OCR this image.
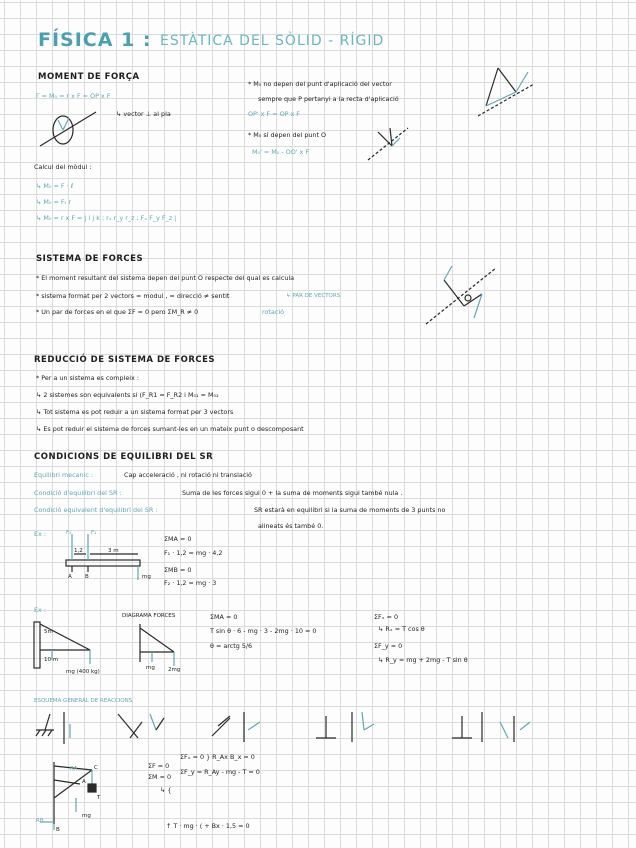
FÍSICA 1 : ESTÀTICA DEL SÒLID - RÍGID
MOMENT DE FORÇA
Γ = M₀ = r x F = OP x F
↳ vector ⊥ al pla
* M₀ no depen del punt d'aplicació del vector
sempre que P pertanyi a la recta d'aplicació
OP' x F = OP x F
* M₀ sí depen del punt O
M₀' = M₀ - OO' x F
Calcul del mòdul :
↳ M₀ = F · ℓ
↳ M₀ = Fₜ r
↳ M₀ = r x F = | i j k ; rₓ r_y r_z ; Fₓ F_y F_z |
SISTEMA DE FORCES
* El moment resultant del sistema depen del punt O respecte del qual es calcula
* sistema format per 2 vectors = modul , = direcció ≠ sentit	↳ PAR DE VECTORS
* Un par de forces en el que ΣF = 0 pero ΣM_R ≠ 0	rotació
REDUCCIÓ DE SISTEMA DE FORCES
* Per a un sistema es compleix :
↳ 2 sistemes son equivalents si (F_R1 = F_R2 i M₀₁ = M₀₂
↳ Tot sistema es pot reduir a un sistema format per 3 vectors
↳ Es pot reduir el sistema de forces sumant-les en un mateix punt o descomposant
CONDICIONS DE EQUILIBRI DEL SR
Equilibri mecanic :	Cap acceleració , ni rotació ni translació
Condició d'equilibri del SR :	Suma de les forces sigui 0 + la suma de moments sigui també nula .
Condició equivalent d'equilibri del SR :	SR estarà en equilibri si la suma de moments de 3 punts no
alineats és també 0.
Ex :	F₂	F₁
1,2	3 m
A B	mg
ΣMA = 0
F₁ · 1,2 = mg · 4,2
ΣMB = 0
F₂ · 1,2 = mg · 3
Ex :
5m
10 m
mg (400 kg)
DIAGRAMA FORCES
mg 2mg
ΣMA = 0
T sin θ · 6 - mg · 3 - 2mg · 10 = 0
θ = arctg 5/6
ΣFₓ = 0
↳ Rₓ = T cos θ
ΣF_y = 0
↳ R_y = mg + 2mg - T sin θ
ESQUEMA GENERAL DE REACCIONS
RA
A
C
T
mg
RB
B
ΣF = 0
ΣM = 0
ΣFₓ = 0 } R_Ax B_x = 0
ΣF_y = R_Ay - mg - T = 0
↳ {
↑ T · mg · ( + Bx · 1,5 = 0
